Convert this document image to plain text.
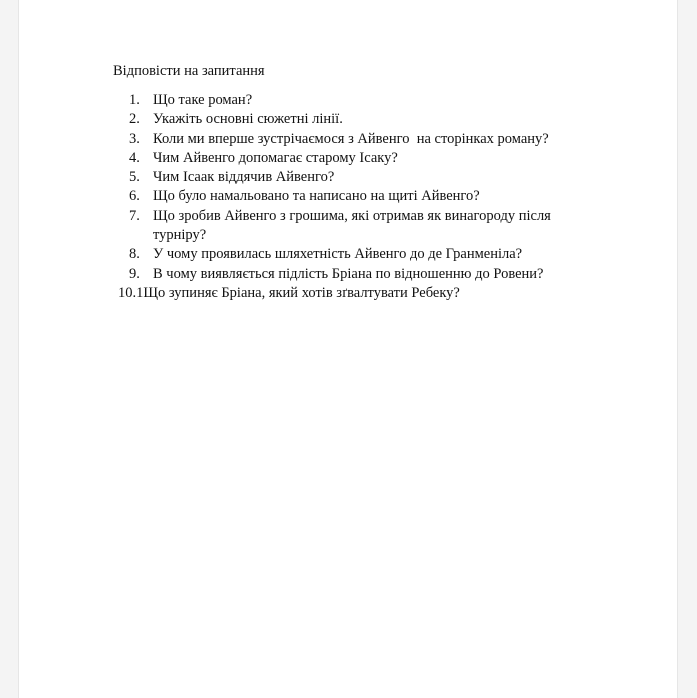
Відповісти на запитання
1. Що таке роман?
2. Укажіть основні сюжетні лінії.
3. Коли ми вперше зустрічаємося з Айвенго  на сторінках роману?
4. Чим Айвенго допомагає старому Ісаку?
5. Чим Ісаак віддячив Айвенго?
6. Що було намальовано та написано на щиті Айвенго?
7. Що зробив Айвенго з грошима, які отримав як винагороду після турніру?
8. У чому проявилась шляхетність Айвенго до де Гранменіла?
9. В чому виявляється підлість Бріана по відношенню до Ровени?
10.1 Що зупиняє Бріана, який хотів зґвалтувати Ребеку?
